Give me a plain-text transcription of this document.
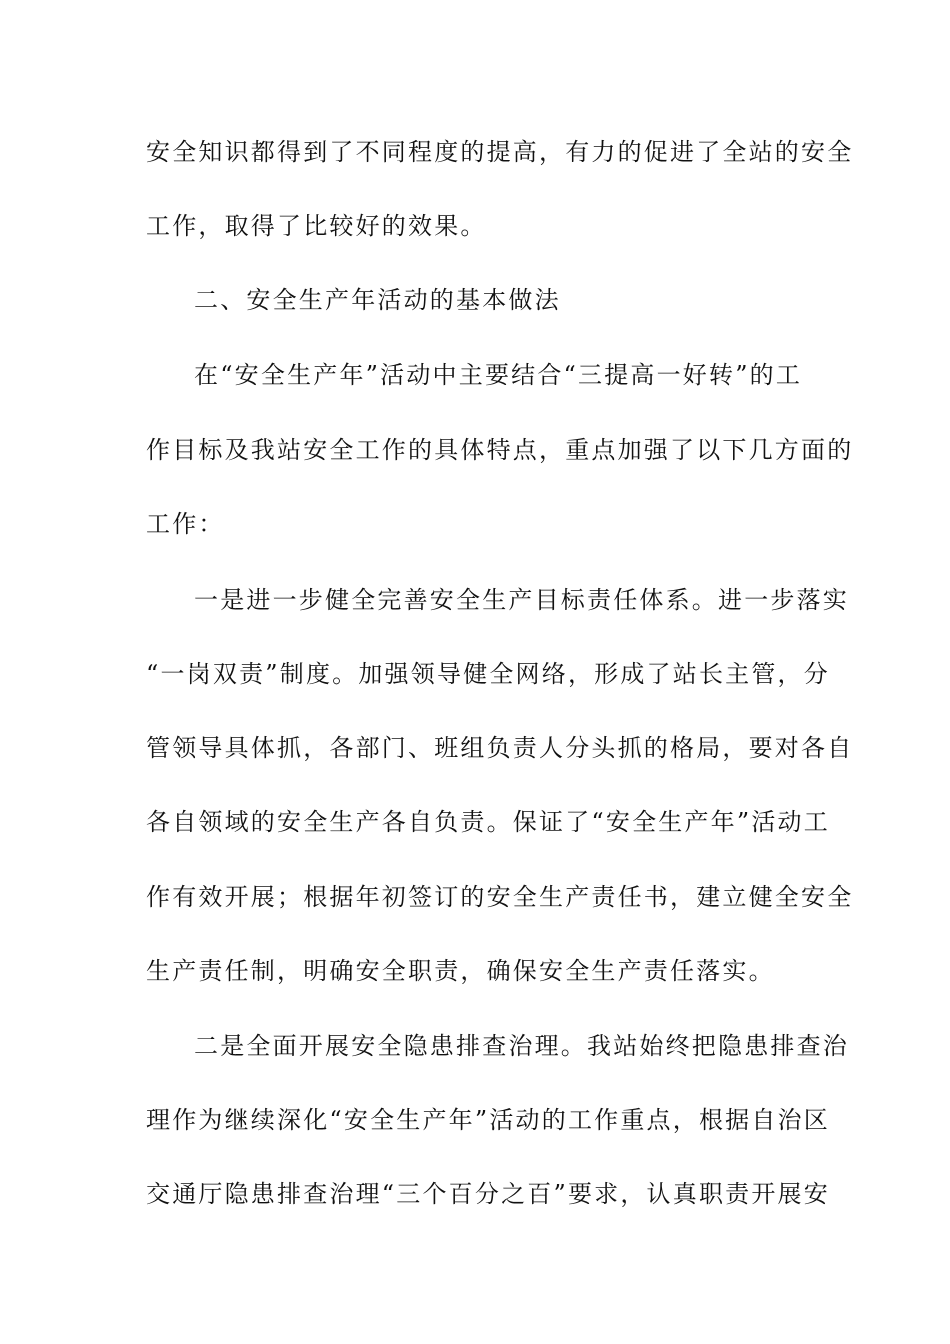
安全知识都得到了不同程度的提高，有力的促进了全站的安全
工作，取得了比较好的效果。
二、安全生产年活动的基本做法
在“安全生产年”活动中主要结合“三提高一好转”的工
作目标及我站安全工作的具体特点，重点加强了以下几方面的
工作：
一是进一步健全完善安全生产目标责任体系。进一步落实
“一岗双责”制度。加强领导健全网络，形成了站长主管，分
管领导具体抓，各部门、班组负责人分头抓的格局，要对各自
各自领域的安全生产各自负责。保证了“安全生产年”活动工
作有效开展；根据年初签订的安全生产责任书，建立健全安全
生产责任制，明确安全职责，确保安全生产责任落实。
二是全面开展安全隐患排查治理。我站始终把隐患排查治
理作为继续深化“安全生产年”活动的工作重点，根据自治区
交通厅隐患排查治理“三个百分之百”要求，认真职责开展安
